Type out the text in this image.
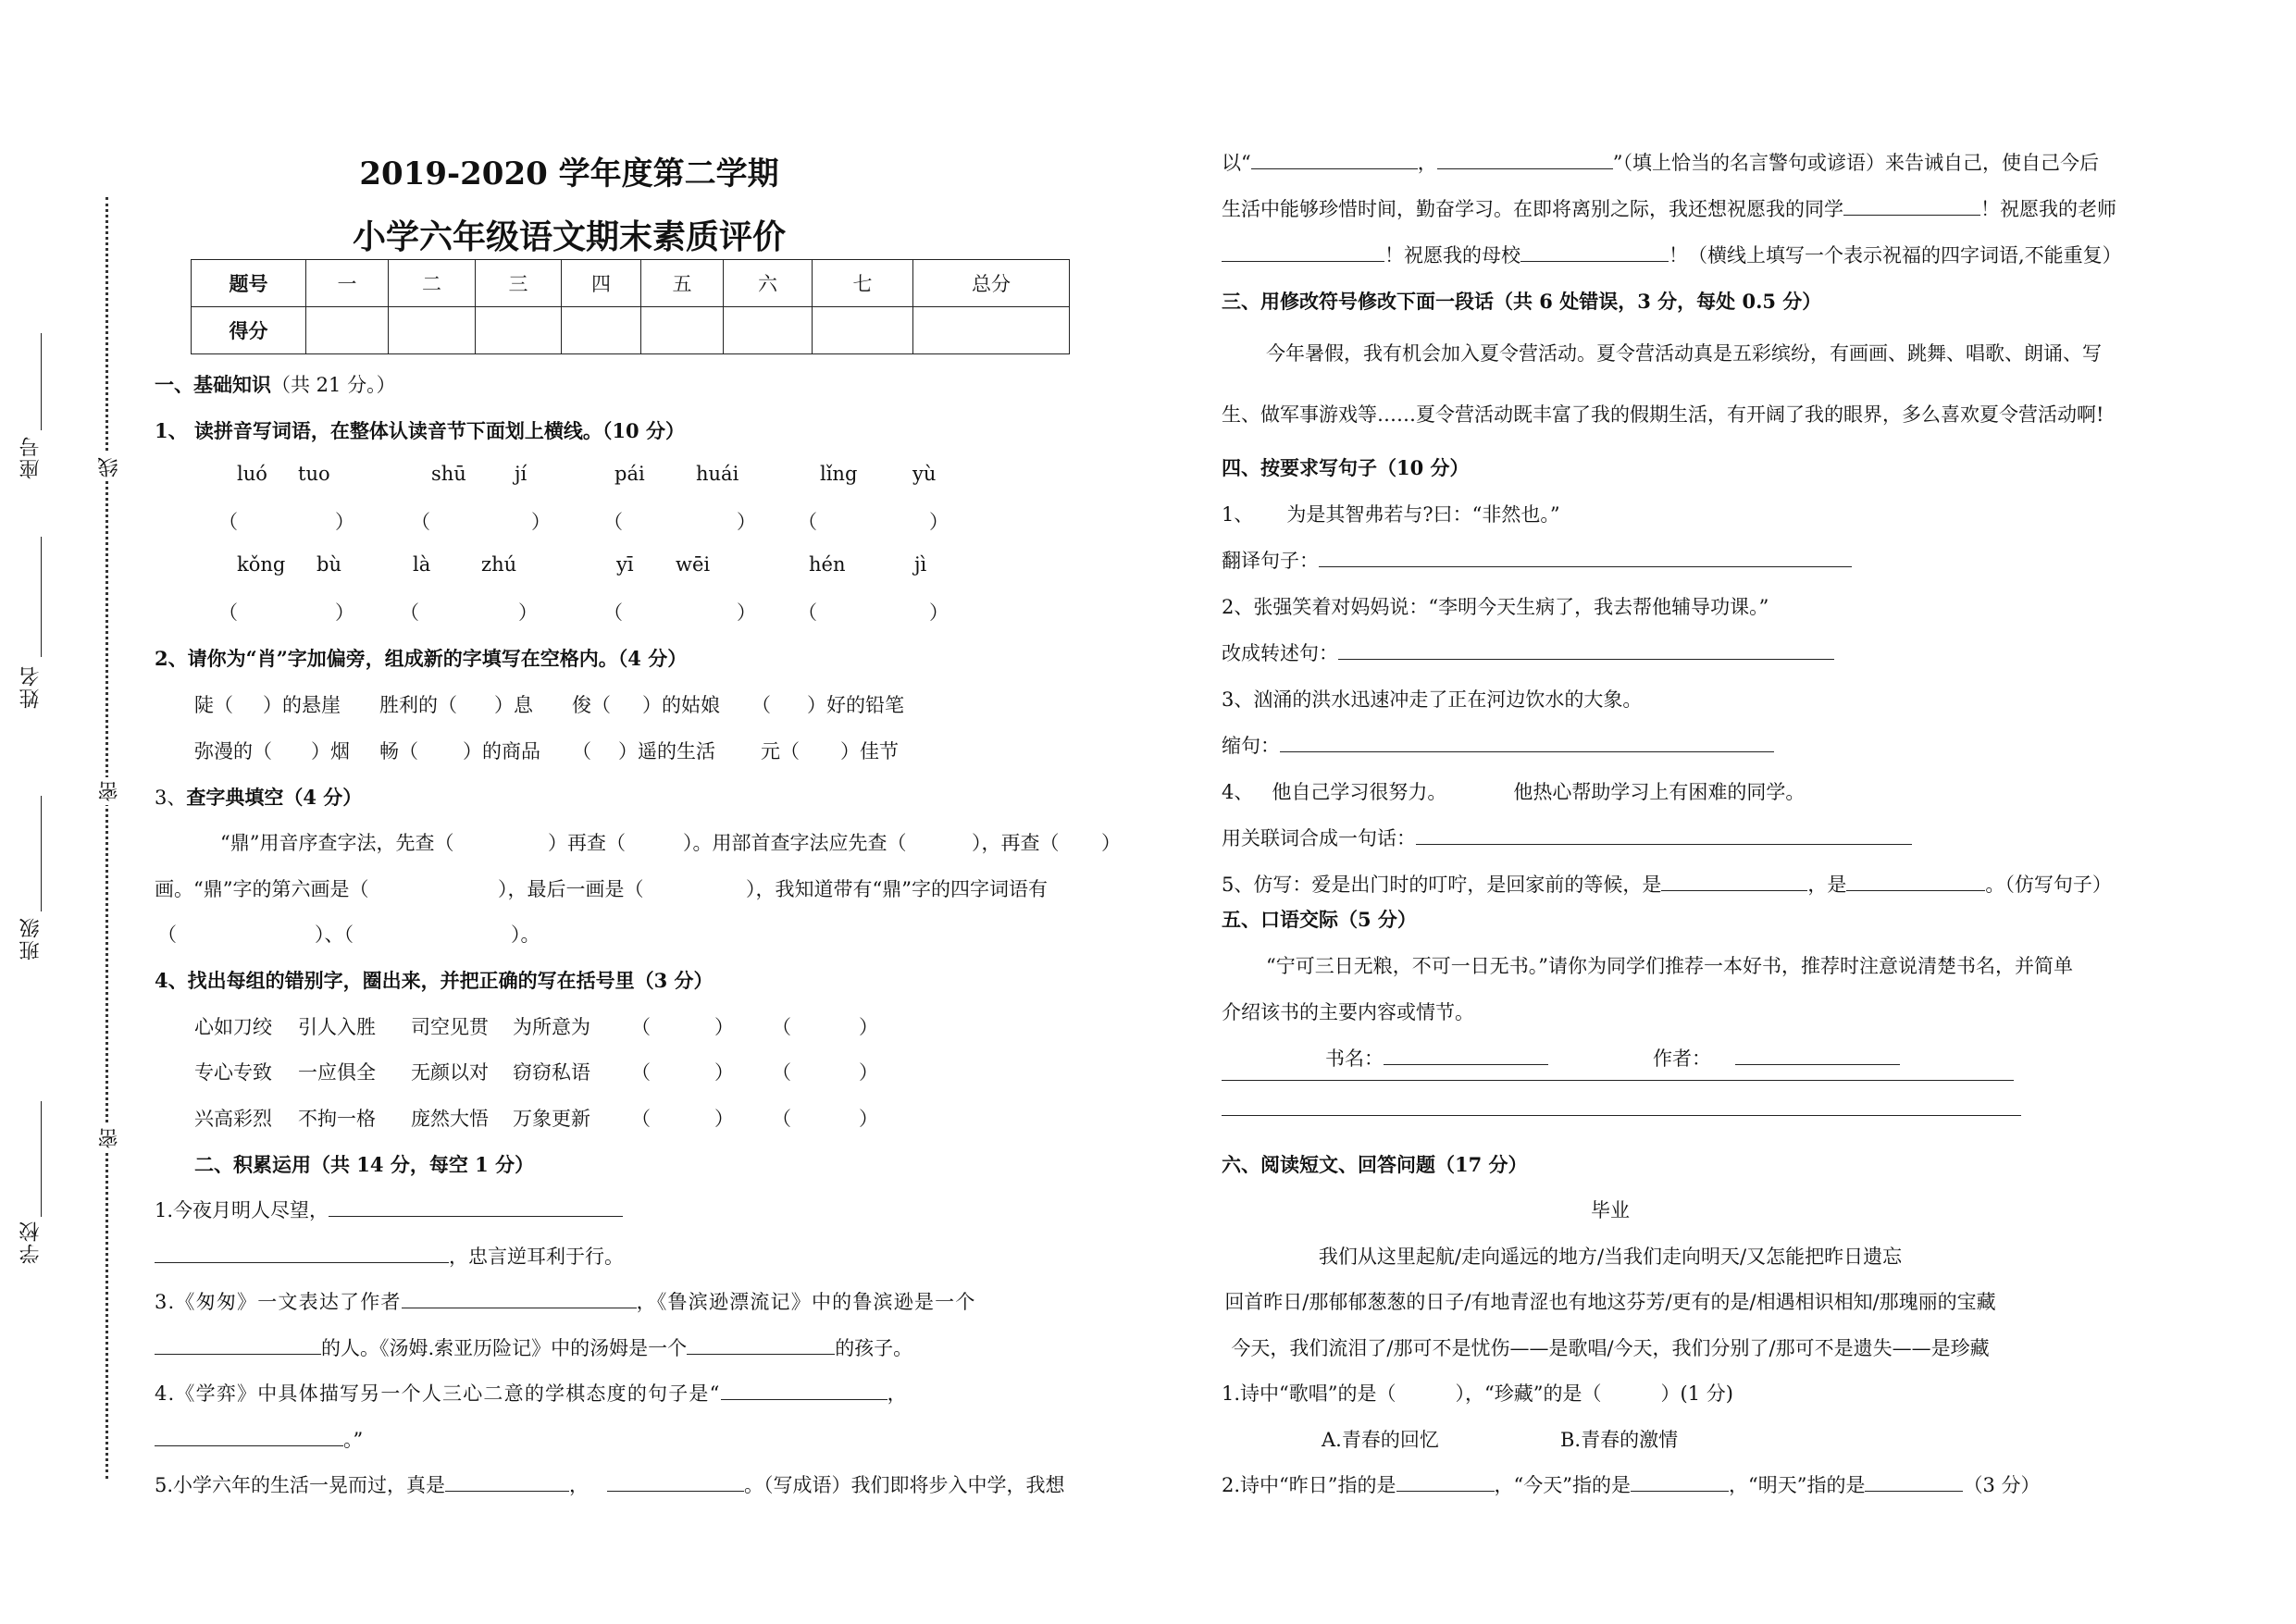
座号
姓名
班级
学校
线
密
密
2019-2020 学年度第二学期
小学六年级语文期末素质评价
题号	一	二	三	四	五	六	七	总分
得分								
一、基础知识（共 21 分。）
1、 读拼音写词语，在整体认读音节下面划上横线。（10 分）
luó tuo	shū jí	pái	huái	lǐng	yù
（	）	（	）	（	） （	）
kǒng bù	là	zhú	yī wēi	hén	jì
（	） （	）	（	） （	）
2、请你为“肖”字加偏旁，组成新的字填写在空格内。（4 分）
陡（ ）的悬崖 胜利的（ ）息 俊（ ）的姑娘 （ ）好的铅笔
弥漫的（ ）烟 畅（ ）的商品 （ ）遥的生活 元（ ）佳节
3、查字典填空（4 分）
“鼎”用音序查字法，先查（	）再查（	）。用部首查字法应先查（	），再查（ ）
画。“鼎”字的第六画是（	），最后一画是（	），我知道带有“鼎”字的四字词语有
（	）、（	）。
4、找出每组的错别字，圈出来，并把正确的写在括号里（3 分）
心如刀绞 引人入胜 司空见贯 为所意为 （	） （	）
专心专致 一应俱全 无颜以对 窃窃私语 （	） （	）
兴高彩烈 不拘一格 庞然大悟 万象更新 （	） （	）
二、积累运用（共 14 分，每空 1 分）
1.今夜月明人尽望，
，忠言逆耳利于行。
3.《匆匆》一文表达了作者	，《鲁滨逊漂流记》中的鲁滨逊是一个
的人。《汤姆.索亚历险记》中的汤姆是一个	的孩子。
4.《学弈》中具体描写另一个人三心二意的学棋态度的句子是“	，
。”
5.小学六年的生活一晃而过，真是	，	。（写成语）我们即将步入中学，我想
以“	，	”（填上恰当的名言警句或谚语）来告诫自己，使自己今后
生活中能够珍惜时间，勤奋学习。在即将离别之际，我还想祝愿我的同学	！祝愿我的老师
！祝愿我的母校	！（横线上填写一个表示祝福的四字词语,不能重复）
三、用修改符号修改下面一段话（共 6 处错误，3 分，每处 0.5 分）
今年暑假，我有机会加入夏令营活动。夏令营活动真是五彩缤纷，有画画、跳舞、唱歌、朗诵、写
生、做军事游戏等……夏令营活动既丰富了我的假期生活，有开阔了我的眼界，多么喜欢夏令营活动啊!
四、按要求写句子（10 分）
1、 为是其智弗若与?曰：“非然也。”
翻译句子：
2、张强笑着对妈妈说：“李明今天生病了，我去帮他辅导功课。”
改成转述句：
3、汹涌的洪水迅速冲走了正在河边饮水的大象。
缩句：
4、 他自己学习很努力。	他热心帮助学习上有困难的同学。
用关联词合成一句话：
5、仿写：爱是出门时的叮咛，是回家前的等候，是	，是	。（仿写句子）
五、口语交际（5 分）
“宁可三日无粮，不可一日无书。”请你为同学们推荐一本好书，推荐时注意说清楚书名，并简单
介绍该书的主要内容或情节。
书名：	作者：
六、阅读短文、回答问题（17 分）
毕业
我们从这里起航/走向遥远的地方/当我们走向明天/又怎能把昨日遗忘
回首昨日/那郁郁葱葱的日子/有地青涩也有地这芬芳/更有的是/相遇相识相知/那瑰丽的宝藏
今天，我们流泪了/那可不是忧伤——是歌唱/今天，我们分别了/那可不是遗失——是珍藏
1.诗中“歌唱”的是（	），“珍藏”的是（	）(1 分)
A.青春的回忆	B.青春的激情
2.诗中“昨日”指的是	，“今天”指的是	，“明天”指的是	（3 分）
